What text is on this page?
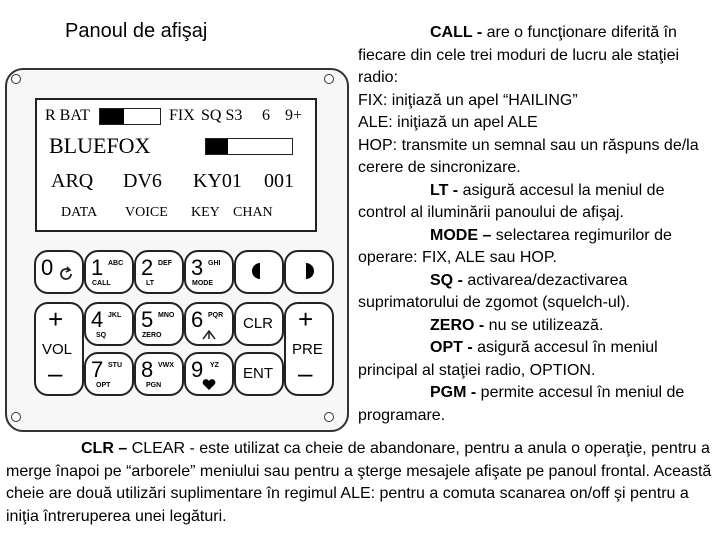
Panoul de afişaj
R BAT	FIX SQ S3 6 9+
BLUEFOX
ARQ DV6 KY01 001
DATA VOICE KEY CHAN
0 1 ABC
CALL
2 DEF
LT
3 GHI
MODE
+
VOL
–
4 JKL
SQ
5 MNO
ZERO
6 PQR CLR +
PRE
–
7 STU
OPT
8 VWX
PGN
9 YZ ENT
CALL - are o funcţionare diferită în fiecare din cele trei moduri de lucru ale staţiei radio:
FIX: iniţiază un apel “HAILING”
ALE: iniţiază un apel ALE
HOP: transmite un semnal sau un răspuns de/la cerere de sincronizare.
LT - asigură accesul la meniul de control al iluminării panoului de afişaj.
MODE – selectarea regimurilor de operare: FIX, ALE sau HOP.
SQ - activarea/dezactivarea suprimatorului de zgomot (squelch-ul).
ZERO - nu se utilizează.
OPT - asigură accesul în meniul principal al staţiei radio, OPTION.
PGM - permite accesul în meniul de programare.
CLR – CLEAR - este utilizat ca cheie de abandonare, pentru a anula o operaţie, pentru a merge înapoi pe “arborele” meniului sau pentru a şterge mesajele afişate pe panoul frontal. Această cheie are două utilizări suplimentare în regimul ALE: pentru a comuta scanarea on/off şi pentru a iniţia întreruperea unei legături.
